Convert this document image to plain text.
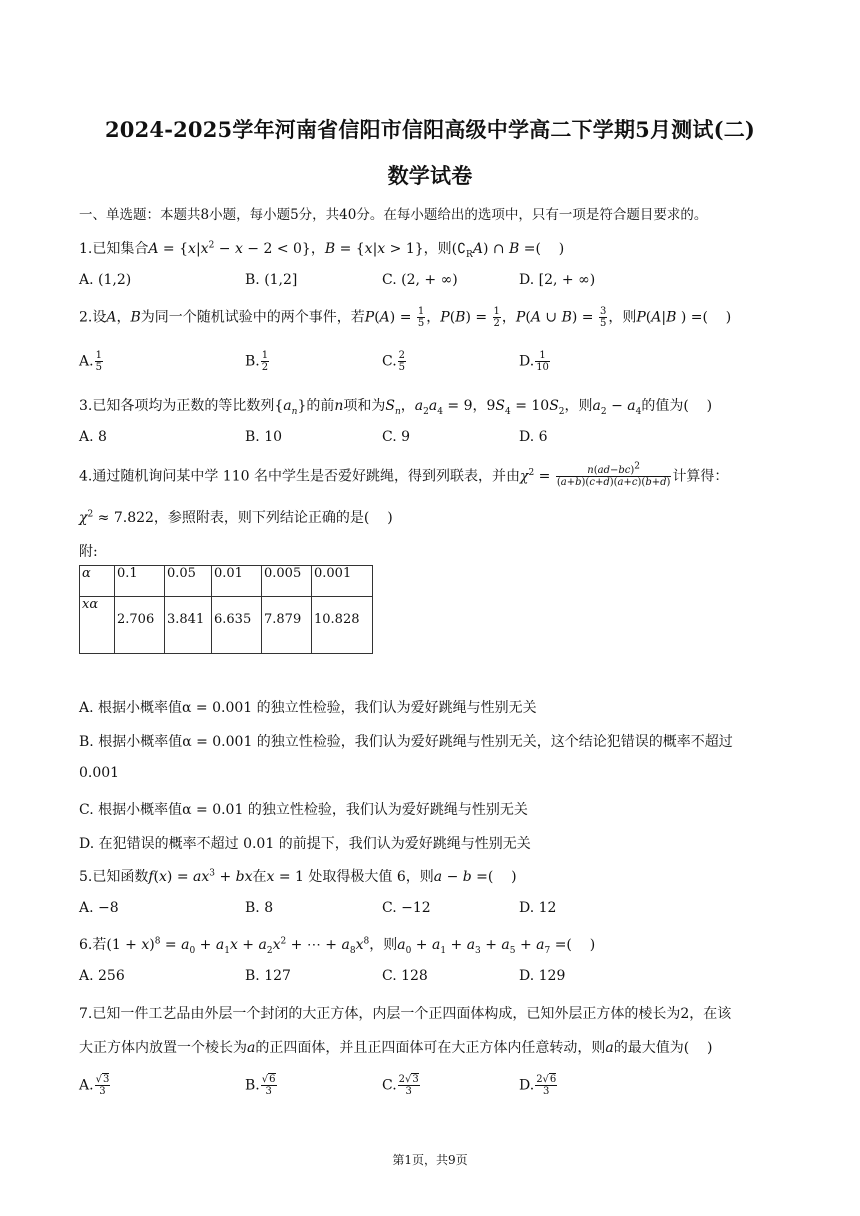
2024-2025学年河南省信阳市信阳高级中学高二下学期5月测试(二)
数学试卷
一、单选题：本题共8小题，每小题5分，共40分。在每小题给出的选项中，只有一项是符合题目要求的。
1.已知集合$A = \{x|x^2 - x - 2 < 0\}$，B = {x|x > 1}，则$(∁_RA)$ ∩ B =(    )
A. (1,2)	B. (1,2]	C. (2, + ∞)	D. [2, + ∞)
2.设A，B为同一个随机试验中的两个事件，若$P(A) = \frac{1}{5}$ ，$P(B) = \frac{1}{2}$ ，P(A ∪ $B) = \frac{3}{5}$ ，则P(A|B ) =(    )
A. $\frac{1}{5}$	B. $\frac{1}{2}$	C. $\frac{2}{5}$	D. $\frac{1}{10}$
3.已知各项均为正数的等比数列$\{a_n\}$的前n项和为$S_n$，$a_2a_4 = 9$，$9S_4 = 10S_2$，则$a_2 - a_4$的值为(    )
A. 8	B. 10	C. 9	D. 6
4.通过随机询问某中学 110 名中学生是否爱好跳绳，得到列联表，并由$\chi^2 = \frac{n(ad-bc)^2}{(a+b)(c+d)(a+c)(b+d)}$ 计算得：
$\chi^2 \approx 7.822$，参照附表，则下列结论正确的是(    )
附:
α	0.1	0.05	0.01	0.005	0.001
xα	2.706	3.841	6.635	7.879	10.828
A. 根据小概率值α = 0.001 的独立性检验，我们认为爱好跳绳与性别无关
B. 根据小概率值α = 0.001 的独立性检验，我们认为爱好跳绳与性别无关，这个结论犯错误的概率不超过
0.001
C. 根据小概率值α = 0.01 的独立性检验，我们认为爱好跳绳与性别无关
D. 在犯错误的概率不超过 0.01 的前提下，我们认为爱好跳绳与性别无关
5.已知函数$f(x) = ax^3$ + bx在x = 1 处取得极大值 6，则a − b =(    )
A. −8	B. 8	C. −12	D. 12
6.若$(1 + x)^8 = a_0 + a_1x + a_2x^2$ + ⋯ + $a_8x^8$，则$a_0 + a_1 + a_3 + a_5 + a_7$ =(    )
A. 256	B. 127	C. 128	D. 129
7.已知一件工艺品由外层一个封闭的大正方体，内层一个正四面体构成，已知外层正方体的棱长为2，在该
大正方体内放置一个棱长为a的正四面体，并且正四面体可在大正方体内任意转动，则a的最大值为(    )
A. $\frac{√3}{3}$	B. $\frac{√6}{3}$	C. $\frac{2√3}{3}$	D. $\frac{2√6}{3}$
第1页，共9页
